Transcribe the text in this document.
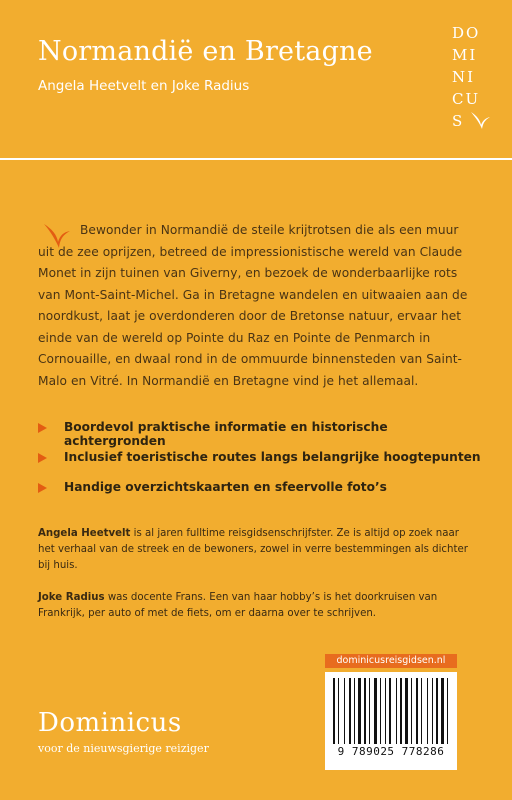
Normandië en Bretagne
Angela Heetvelt en Joke Radius
DO
MI
NI
CU
S
Bewonder in Normandië de steile krijtrotsen die als een muur uit de zee oprijzen, betreed de impressionistische wereld van Claude Monet in zijn tuinen van Giverny, en bezoek de wonderbaarlijke rots van Mont-Saint-Michel. Ga in Bretagne wandelen en uitwaaien aan de noordkust, laat je overdonderen door de Bretonse natuur, ervaar het einde van de wereld op Pointe du Raz en Pointe de Penmarch in Cornouaille, en dwaal rond in de ommuurde binnensteden van Saint-Malo en Vitré. In Normandië en Bretagne vind je het allemaal.
Boordevol praktische informatie en historische achtergronden
Inclusief toeristische routes langs belangrijke hoogtepunten
Handige overzichtskaarten en sfeervolle foto’s
Angela Heetvelt is al jaren fulltime reisgidsenschrijfster. Ze is altijd op zoek naar het verhaal van de streek en de bewoners, zowel in verre bestemmingen als dichter bij huis.
Joke Radius was docente Frans. Een van haar hobby’s is het doorkruisen van Frankrijk, per auto of met de fiets, om er daarna over te schrijven.
dominicusreisgidsen.nl
9 789025 778286
Dominicus
voor de nieuwsgierige reiziger
